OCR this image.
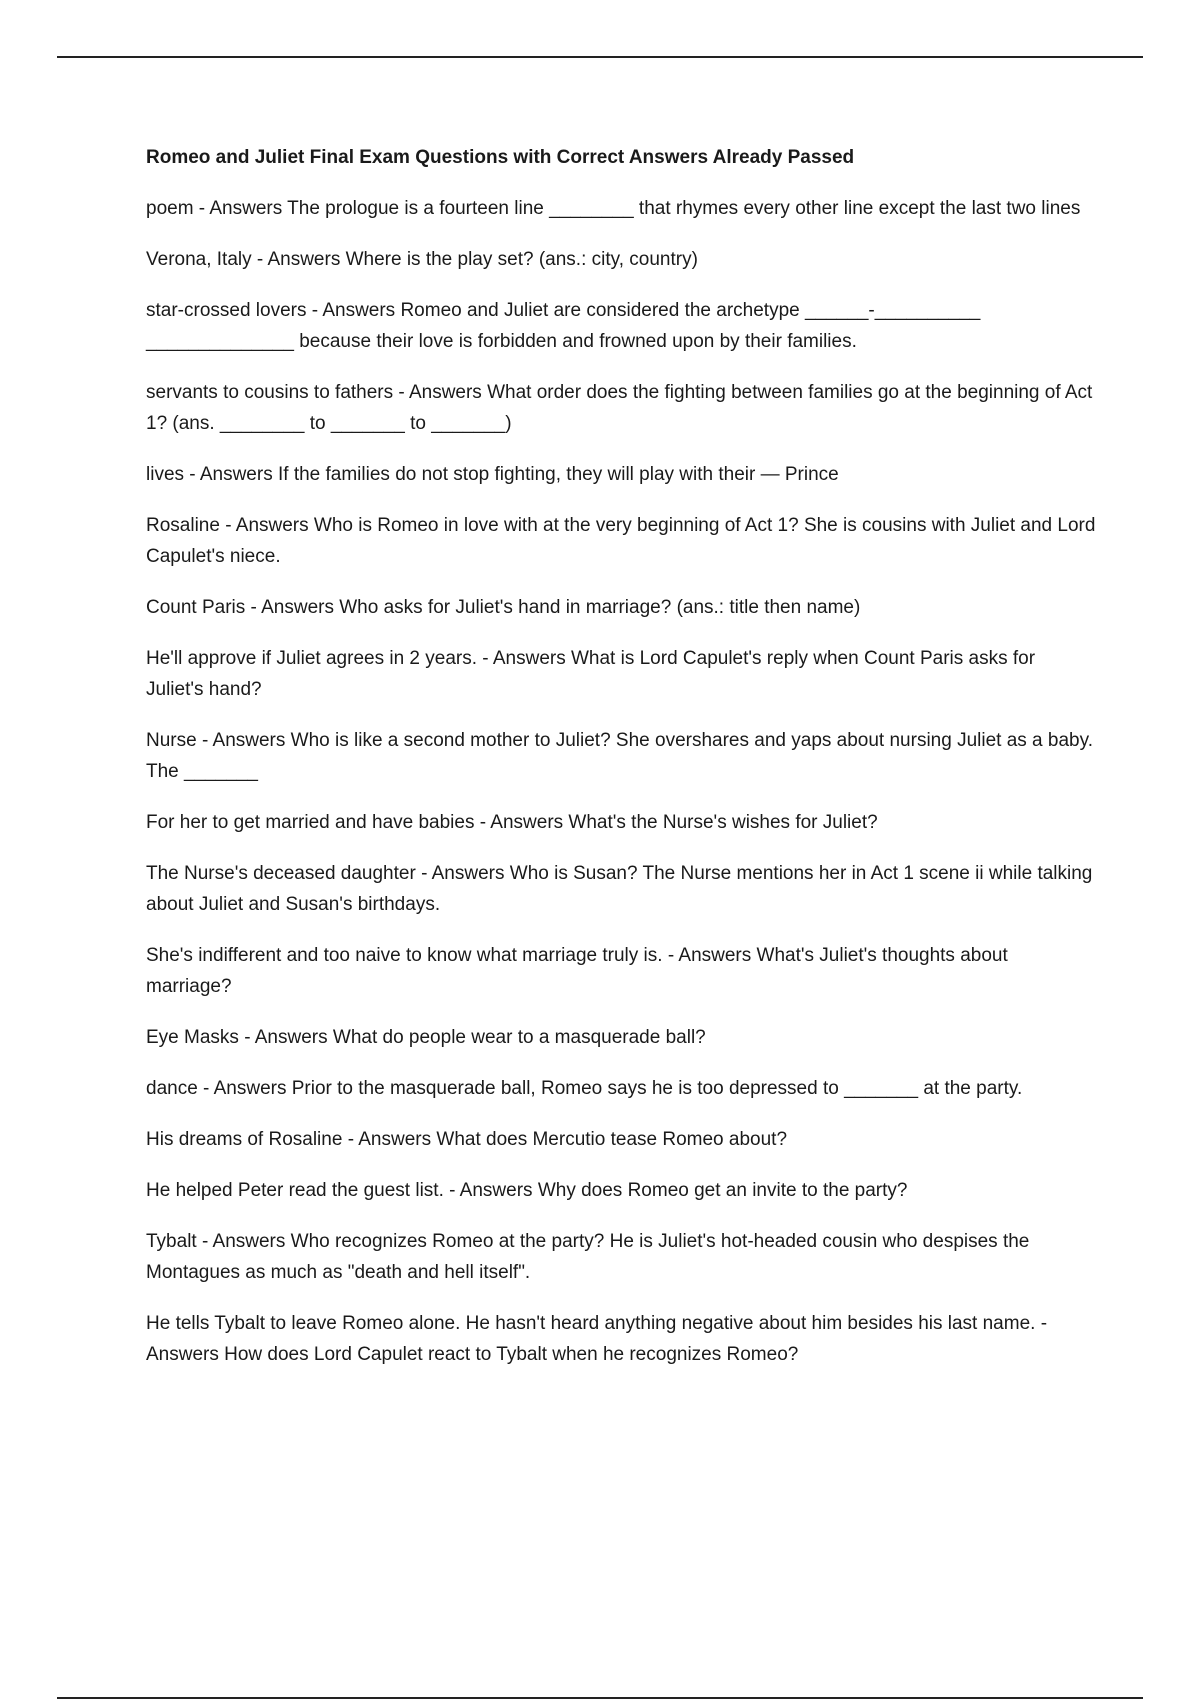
Romeo and Juliet Final Exam Questions with Correct Answers Already Passed
poem - Answers The prologue is a fourteen line ________ that rhymes every other line except the last two lines
Verona, Italy - Answers Where is the play set? (ans.: city, country)
star-crossed lovers - Answers Romeo and Juliet are considered the archetype ______-__________ ______________ because their love is forbidden and frowned upon by their families.
servants to cousins to fathers - Answers What order does the fighting between families go at the beginning of Act 1? (ans. ________ to _______ to _______)
lives - Answers If the families do not stop fighting, they will play with their — Prince
Rosaline - Answers Who is Romeo in love with at the very beginning of Act 1? She is cousins with Juliet and Lord Capulet's niece.
Count Paris - Answers Who asks for Juliet's hand in marriage? (ans.: title then name)
He'll approve if Juliet agrees in 2 years. - Answers What is Lord Capulet's reply when Count Paris asks for Juliet's hand?
Nurse - Answers Who is like a second mother to Juliet? She overshares and yaps about nursing Juliet as a baby. The _______
For her to get married and have babies - Answers What's the Nurse's wishes for Juliet?
The Nurse's deceased daughter - Answers Who is Susan? The Nurse mentions her in Act 1 scene ii while talking about Juliet and Susan's birthdays.
She's indifferent and too naive to know what marriage truly is. - Answers What's Juliet's thoughts about marriage?
Eye Masks - Answers What do people wear to a masquerade ball?
dance - Answers Prior to the masquerade ball, Romeo says he is too depressed to _______ at the party.
His dreams of Rosaline - Answers What does Mercutio tease Romeo about?
He helped Peter read the guest list. - Answers Why does Romeo get an invite to the party?
Tybalt - Answers Who recognizes Romeo at the party? He is Juliet's hot-headed cousin who despises the Montagues as much as "death and hell itself".
He tells Tybalt to leave Romeo alone. He hasn't heard anything negative about him besides his last name. - Answers How does Lord Capulet react to Tybalt when he recognizes Romeo?
